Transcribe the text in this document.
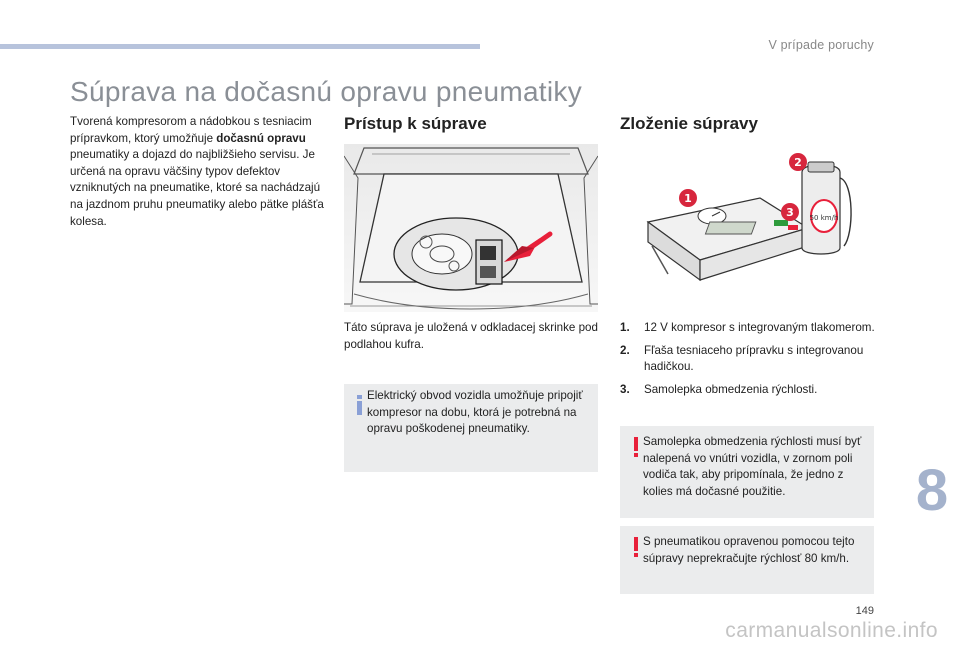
V prípade poruchy
Súprava na dočasnú opravu pneumatiky

Tvorená kompresorom a nádobkou s tesniacim prípravkom, ktorý umožňuje dočasnú opravu pneumatiky a dojazd do najbližšieho servisu. Je určená na opravu väčšiny typov defektov vzniknutých na pneumatike, ktoré sa nachádzajú na jazdnom pruhu pneumatiky alebo pätke plášťa kolesa.

Prístup k súprave

Táto súprava je uložená v odkladacej skrinke pod podlahou kufra.

Elektrický obvod vozidla umožňuje pripojiť kompresor na dobu, ktorá je potrebná na opravu poškodenej pneumatiky.

Zloženie súpravy
50 km/h
1
2
3
1. 12 V kompresor s integrovaným tlakomerom.
2. Fľaša tesniaceho prípravku s integrovanou hadičkou.
3. Samolepka obmedzenia rýchlosti.

Samolepka obmedzenia rýchlosti musí byť nalepená vo vnútri vozidla, v zornom poli vodiča tak, aby pripomínala, že jedno z kolies má dočasné použitie.

S pneumatikou opravenou pomocou tejto súpravy neprekračujte rýchlosť 80 km/h.

8
149
carmanualsonline.info
